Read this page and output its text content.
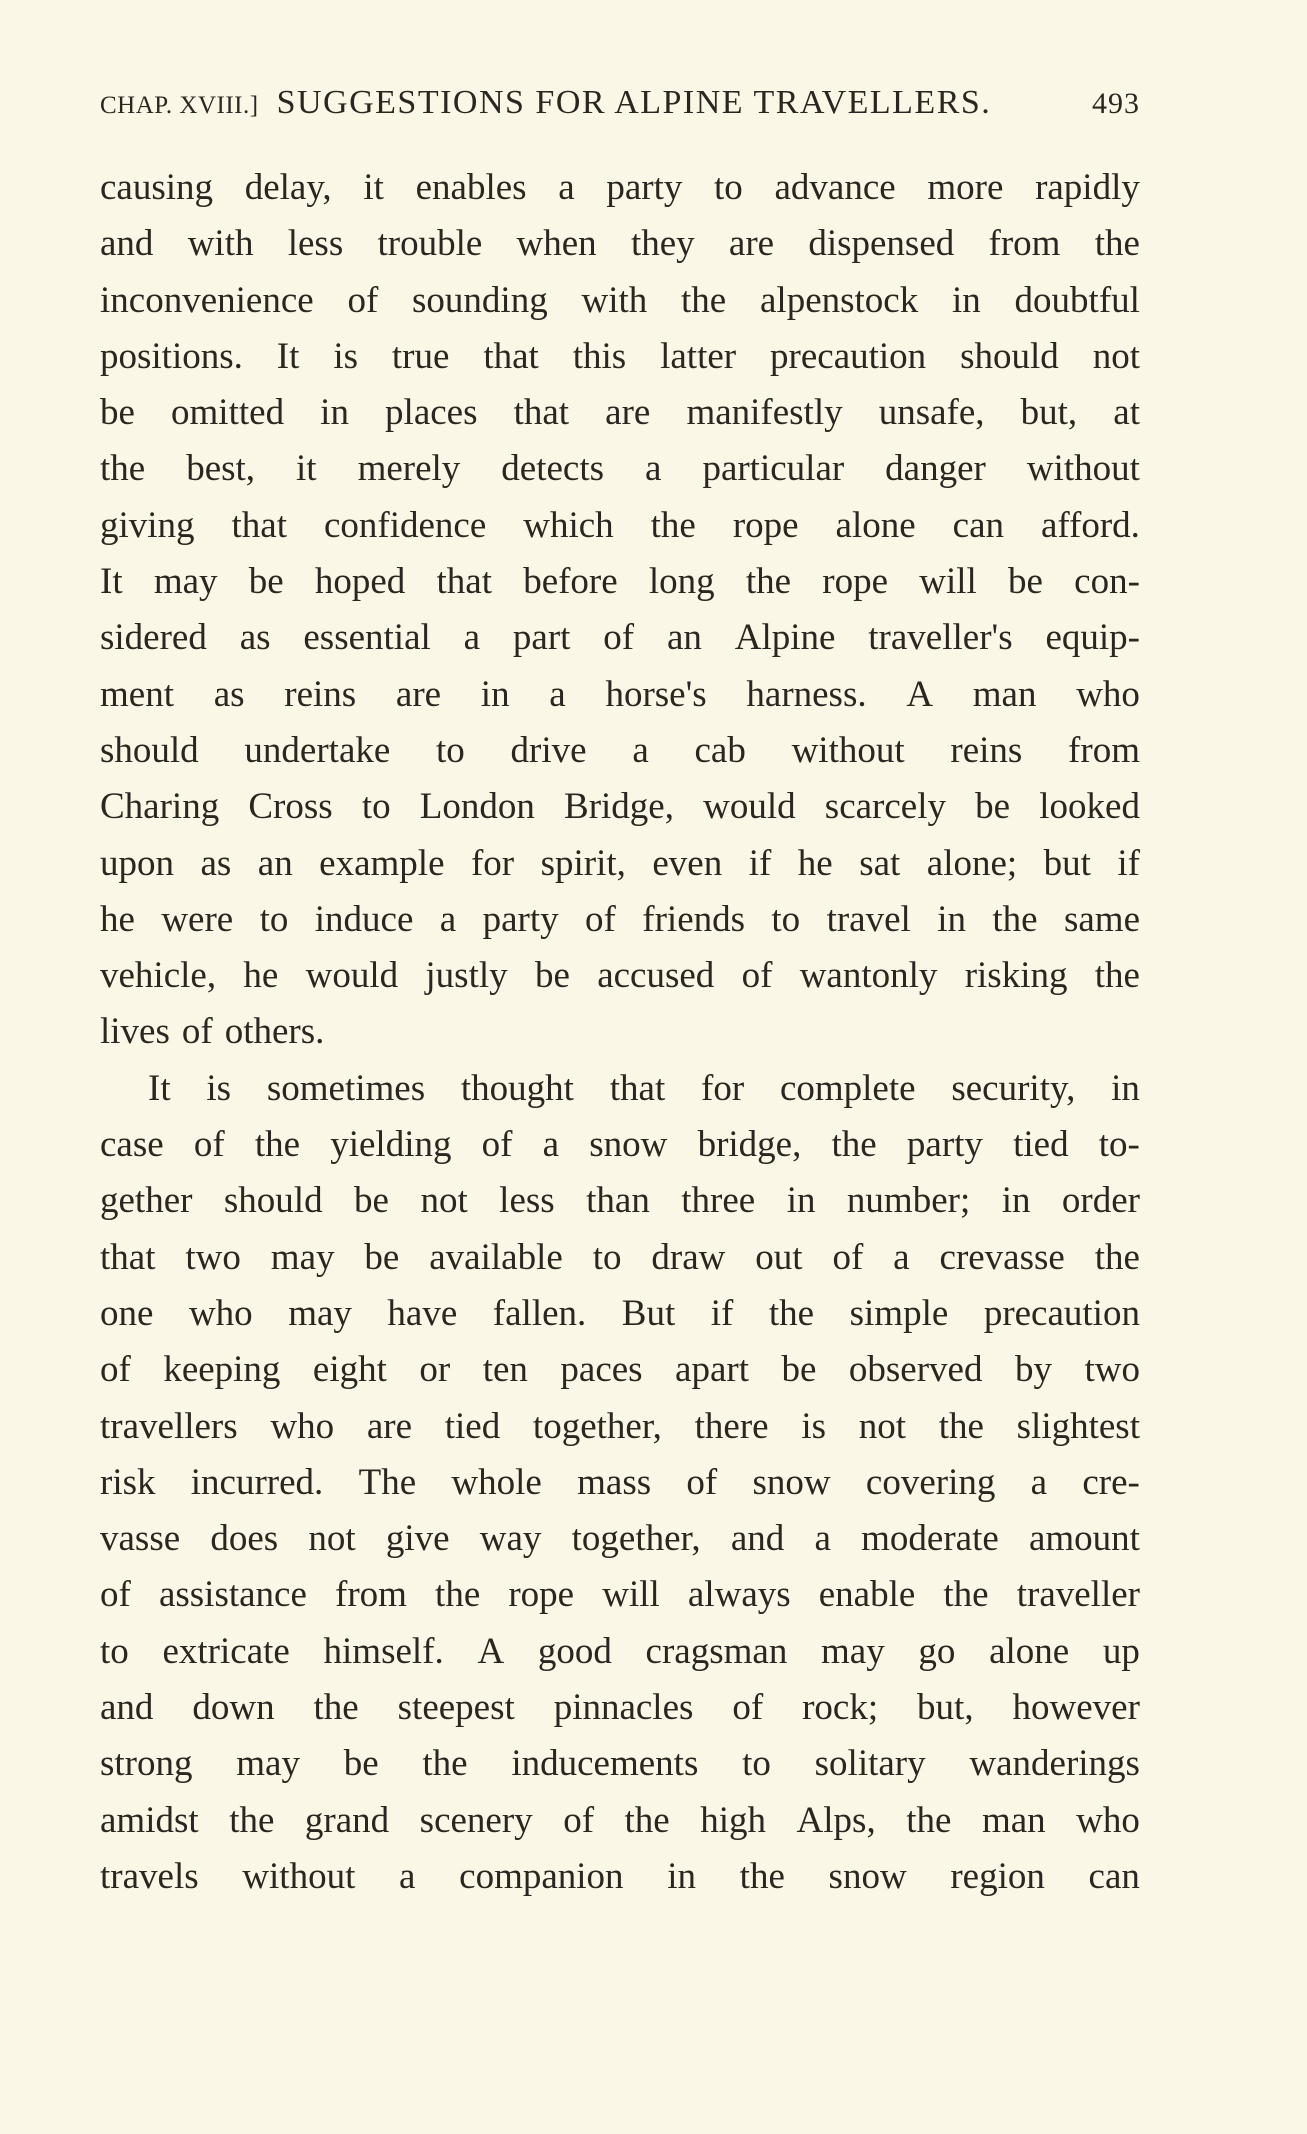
CHAP. XVIII.] SUGGESTIONS FOR ALPINE TRAVELLERS.	493
causing delay, it enables a party to advance more rapidly
and with less trouble when they are dispensed from the
inconvenience of sounding with the alpenstock in doubtful
positions. It is true that this latter precaution should not
be omitted in places that are manifestly unsafe, but, at
the best, it merely detects a particular danger without
giving that confidence which the rope alone can afford.
It may be hoped that before long the rope will be con-
sidered as essential a part of an Alpine traveller's equip-
ment as reins are in a horse's harness. A man who
should undertake to drive a cab without reins from
Charing Cross to London Bridge, would scarcely be looked
upon as an example for spirit, even if he sat alone; but if
he were to induce a party of friends to travel in the same
vehicle, he would justly be accused of wantonly risking the
lives of others.
It is sometimes thought that for complete security, in
case of the yielding of a snow bridge, the party tied to-
gether should be not less than three in number; in order
that two may be available to draw out of a crevasse the
one who may have fallen. But if the simple precaution
of keeping eight or ten paces apart be observed by two
travellers who are tied together, there is not the slightest
risk incurred. The whole mass of snow covering a cre-
vasse does not give way together, and a moderate amount
of assistance from the rope will always enable the traveller
to extricate himself. A good cragsman may go alone up
and down the steepest pinnacles of rock; but, however
strong may be the inducements to solitary wanderings
amidst the grand scenery of the high Alps, the man who
travels without a companion in the snow region can
